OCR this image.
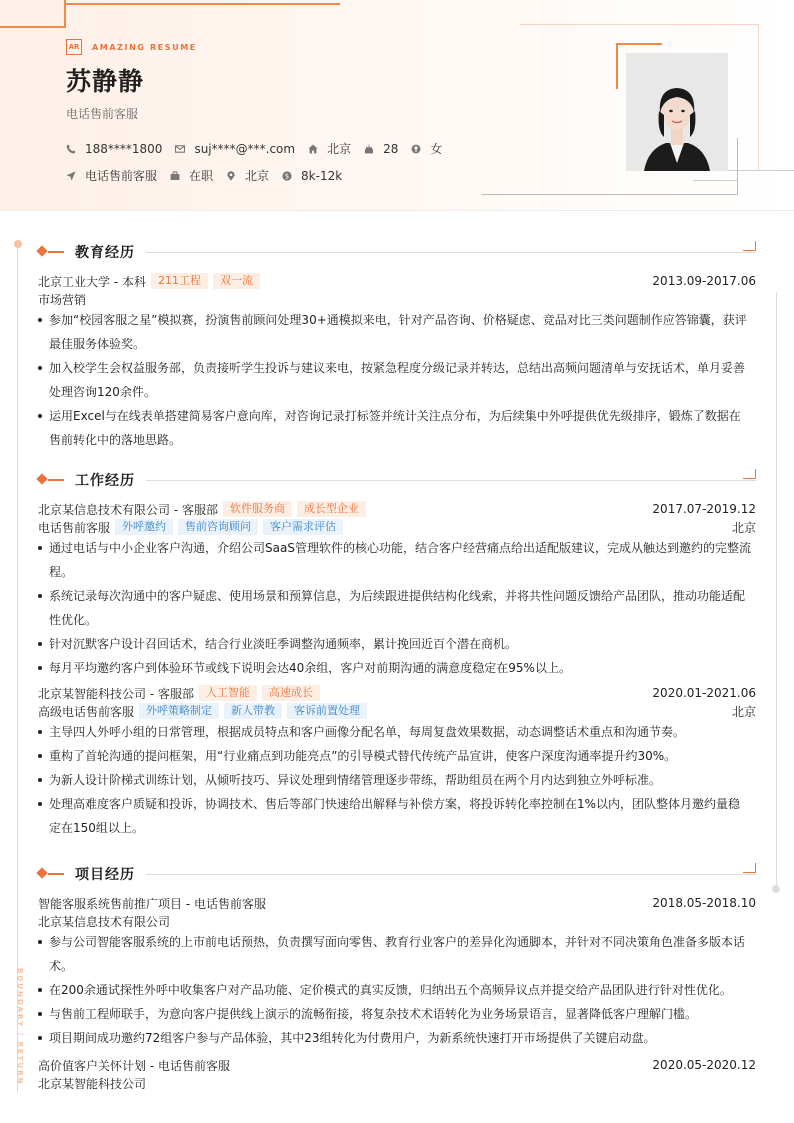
AR	AMAZING RESUME
苏静静
电话售前客服
188****1800	suj****@***.com	北京	28	女
电话售前客服	在职	北京 $ 8k-12k
BOUNDARY / RETURN
教育经历
北京工业大学 - 本科	211工程	双一流	2013.09-2017.06
市场营销
参加“校园客服之星”模拟赛，扮演售前顾问处理30+通模拟来电，针对产品咨询、价格疑虑、竞品对比三类问题制作应答锦囊，获评最佳服务体验奖。
加入校学生会权益服务部，负责接听学生投诉与建议来电，按紧急程度分级记录并转达，总结出高频问题清单与安抚话术，单月妥善处理咨询120余件。
运用Excel与在线表单搭建简易客户意向库，对咨询记录打标签并统计关注点分布，为后续集中外呼提供优先级排序，锻炼了数据在售前转化中的落地思路。
工作经历
北京某信息技术有限公司 - 客服部	软件服务商	成长型企业	2017.07-2019.12
电话售前客服	外呼邀约	售前咨询顾问	客户需求评估	北京
通过电话与中小企业客户沟通，介绍公司SaaS管理软件的核心功能，结合客户经营痛点给出适配版建议，完成从触达到邀约的完整流程。
系统记录每次沟通中的客户疑虑、使用场景和预算信息，为后续跟进提供结构化线索，并将共性问题反馈给产品团队，推动功能适配性优化。
针对沉默客户设计召回话术，结合行业淡旺季调整沟通频率，累计挽回近百个潜在商机。
每月平均邀约客户到体验环节或线下说明会达40余组，客户对前期沟通的满意度稳定在95%以上。
北京某智能科技公司 - 客服部	人工智能	高速成长	2020.01-2021.06
高级电话售前客服	外呼策略制定	新人带教	客诉前置处理	北京
主导四人外呼小组的日常管理，根据成员特点和客户画像分配名单，每周复盘效果数据，动态调整话术重点和沟通节奏。
重构了首轮沟通的提问框架，用“行业痛点到功能亮点”的引导模式替代传统产品宣讲，使客户深度沟通率提升约30%。
为新人设计阶梯式训练计划，从倾听技巧、异议处理到情绪管理逐步带练，帮助组员在两个月内达到独立外呼标准。
处理高难度客户质疑和投诉，协调技术、售后等部门快速给出解释与补偿方案，将投诉转化率控制在1%以内，团队整体月邀约量稳定在150组以上。
项目经历
智能客服系统售前推广项目 - 电话售前客服	2018.05-2018.10
北京某信息技术有限公司
参与公司智能客服系统的上市前电话预热，负责撰写面向零售、教育行业客户的差异化沟通脚本，并针对不同决策角色准备多版本话术。
在200余通试探性外呼中收集客户对产品功能、定价模式的真实反馈，归纳出五个高频异议点并提交给产品团队进行针对性优化。
与售前工程师联手，为意向客户提供线上演示的流畅衔接，将复杂技术术语转化为业务场景语言，显著降低客户理解门槛。
项目期间成功邀约72组客户参与产品体验，其中23组转化为付费用户，为新系统快速打开市场提供了关键启动盘。
高价值客户关怀计划 - 电话售前客服	2020.05-2020.12
北京某智能科技公司
